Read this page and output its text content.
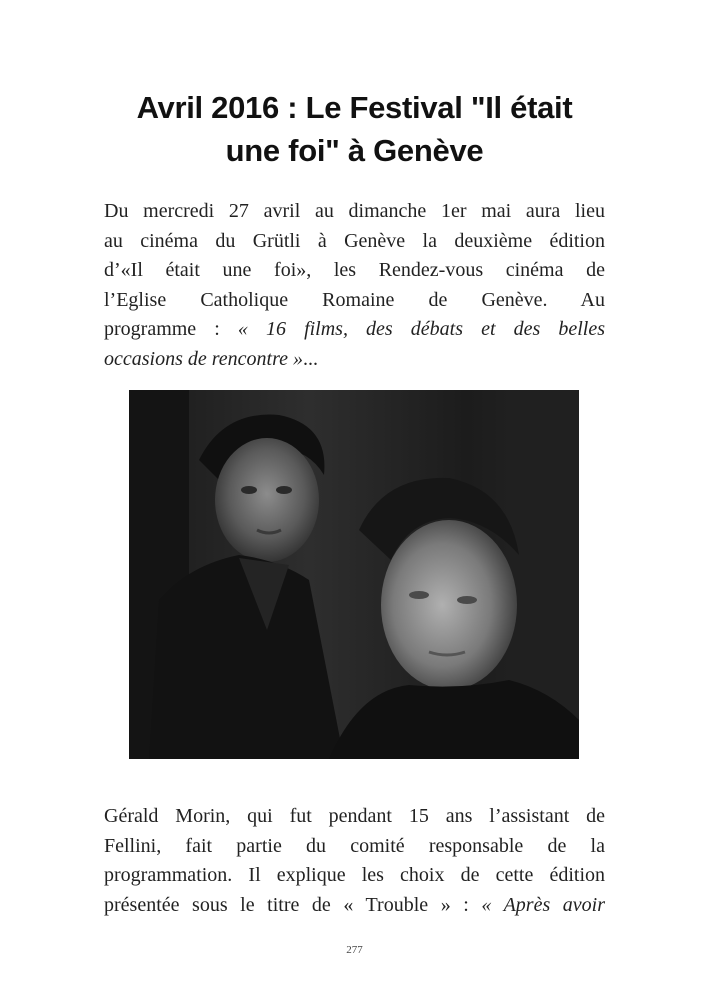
Avril 2016 : Le Festival "Il était
une foi" à Genève
Du mercredi 27 avril au dimanche 1er mai aura lieu
au cinéma du Grütli à Genève la deuxième édition
d’«Il était une foi», les Rendez-vous cinéma de
l’Eglise Catholique Romaine de Genève. Au
programme : « 16 films, des débats et des belles
occasions de rencontre »...
Gérald Morin, qui fut pendant 15 ans l’assistant de
Fellini, fait partie du comité responsable de la
programmation. Il explique les choix de cette édition
présentée sous le titre de « Trouble » : « Après avoir
277
